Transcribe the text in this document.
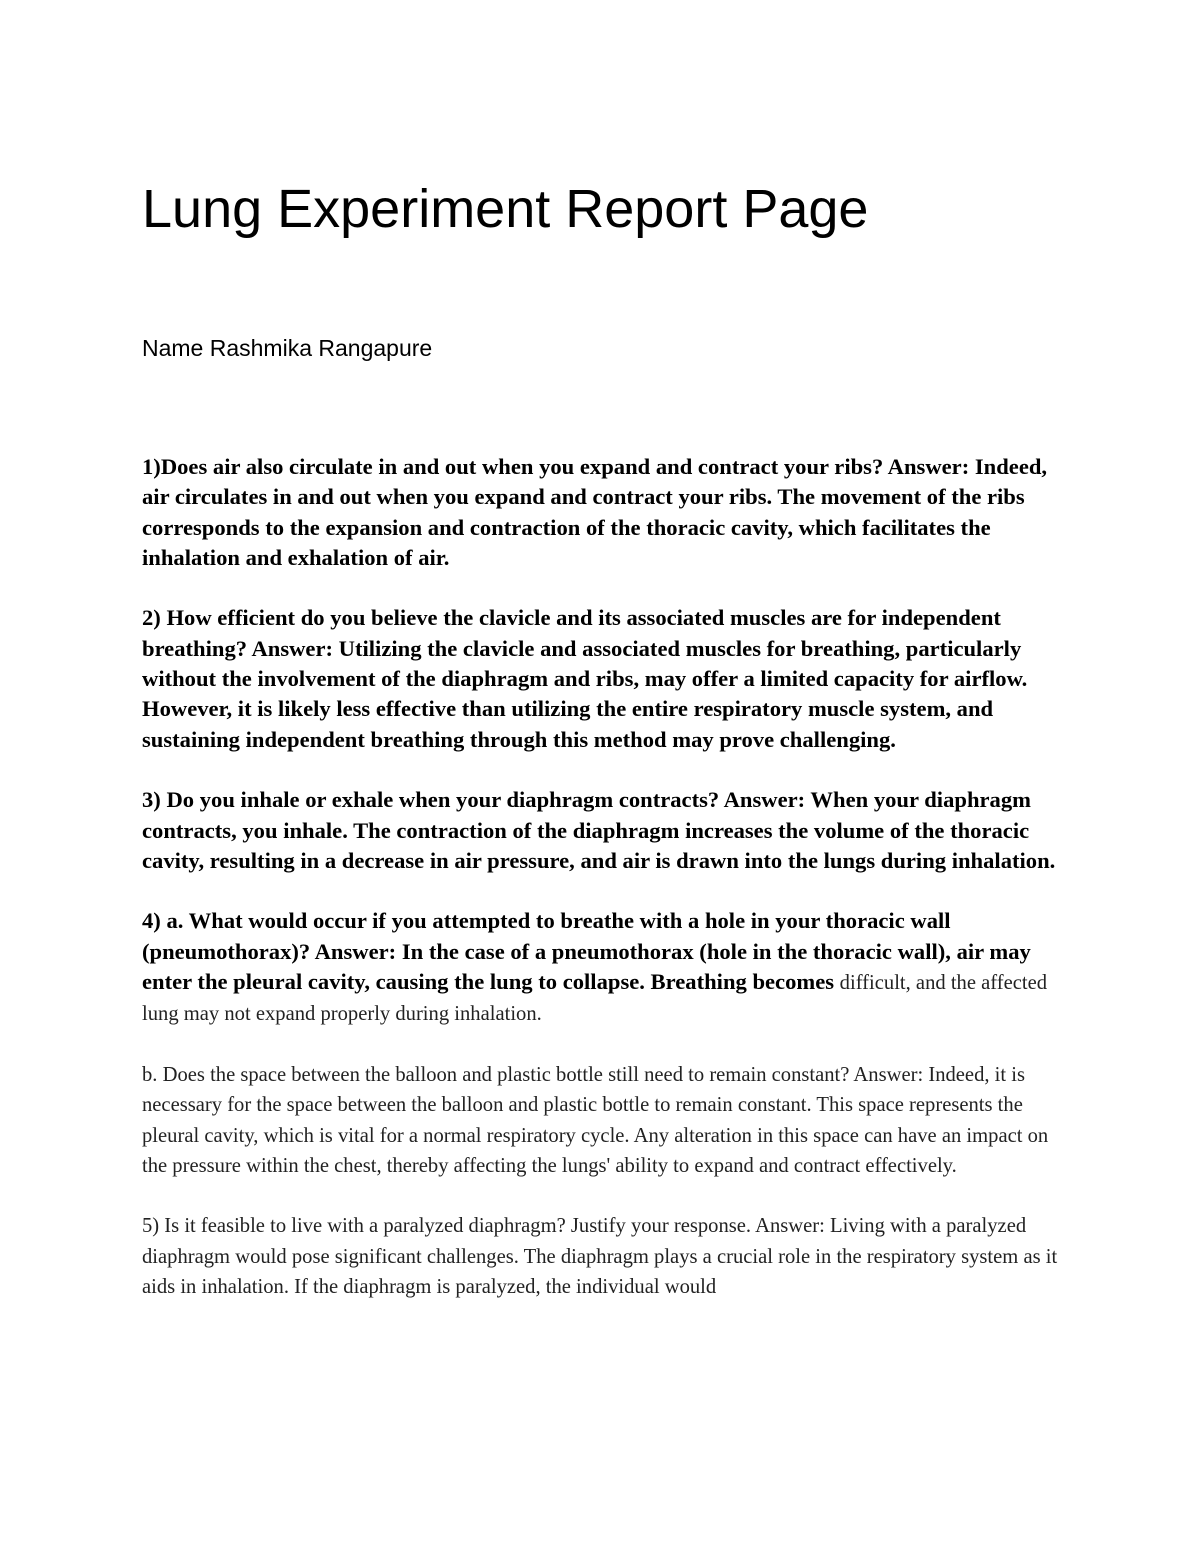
Lung Experiment Report Page

Name Rashmika Rangapure

1)Does air also circulate in and out when you expand and contract your ribs? Answer: Indeed, air circulates in and out when you expand and contract your ribs. The movement of the ribs corresponds to the expansion and contraction of the thoracic cavity, which facilitates the inhalation and exhalation of air.

2) How efficient do you believe the clavicle and its associated muscles are for independent breathing? Answer: Utilizing the clavicle and associated muscles for breathing, particularly without the involvement of the diaphragm and ribs, may offer a limited capacity for airflow. However, it is likely less effective than utilizing the entire respiratory muscle system, and sustaining independent breathing through this method may prove challenging.

3) Do you inhale or exhale when your diaphragm contracts? Answer: When your diaphragm contracts, you inhale. The contraction of the diaphragm increases the volume of the thoracic cavity, resulting in a decrease in air pressure, and air is drawn into the lungs during inhalation.

4) a. What would occur if you attempted to breathe with a hole in your thoracic wall (pneumothorax)? Answer: In the case of a pneumothorax (hole in the thoracic wall), air may enter the pleural cavity, causing the lung to collapse. Breathing becomes difficult, and the affected lung may not expand properly during inhalation.

b. Does the space between the balloon and plastic bottle still need to remain constant? Answer: Indeed, it is necessary for the space between the balloon and plastic bottle to remain constant. This space represents the pleural cavity, which is vital for a normal respiratory cycle. Any alteration in this space can have an impact on the pressure within the chest, thereby affecting the lungs' ability to expand and contract effectively.

5) Is it feasible to live with a paralyzed diaphragm? Justify your response. Answer: Living with a paralyzed diaphragm would pose significant challenges. The diaphragm plays a crucial role in the respiratory system as it aids in inhalation. If the diaphragm is paralyzed, the individual would
